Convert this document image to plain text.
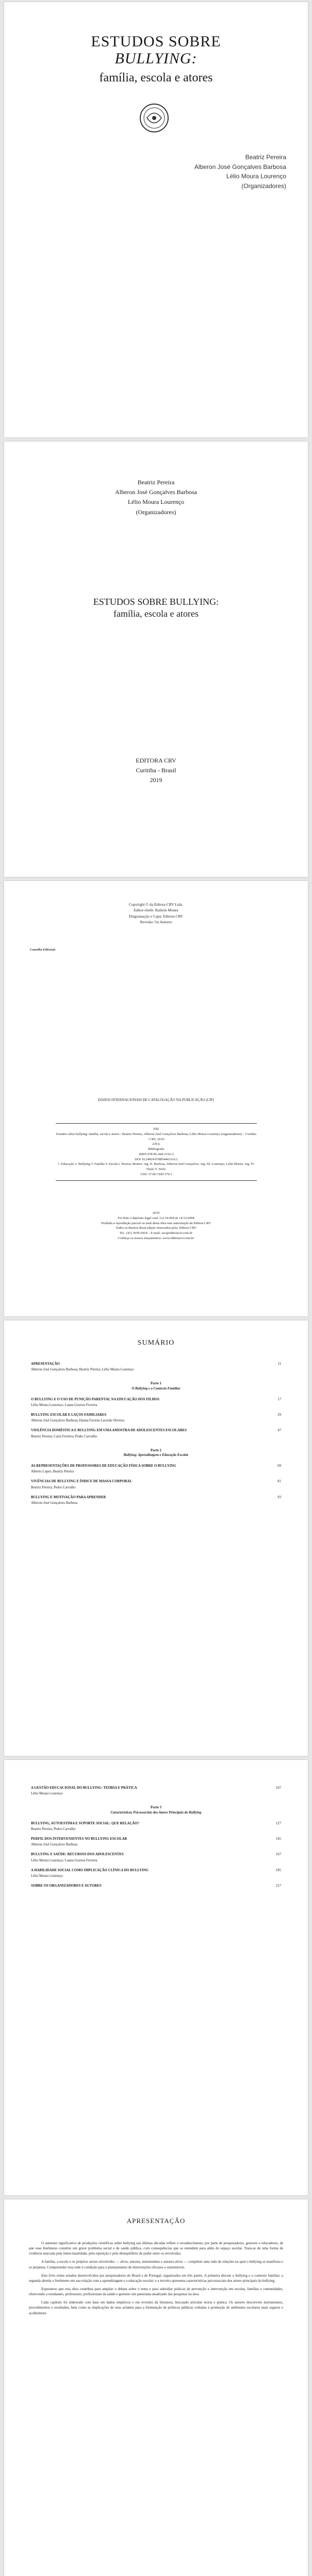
ESTUDOS SOBRE
BULLYING:
família, escola e atores
Beatriz Pereira
Alberon José Gonçalves Barbosa
Lélio Moura Lourenço
(Organizadores)
Beatriz Pereira
Alberon José Gonçalves Barbosa
Lélio Moura Lourenço
(Organizadores)
ESTUDOS SOBRE BULLYING:
família, escola e atores
EDITORA CRV
Curitiba - Brasil
2019
Copyright © da Editora CRV Ltda.
Editor-chefe: Railson Moura
Diagramação e Capa: Editora CRV
Revisão: Os Autores
Conselho Editorial:
DADOS INTERNACIONAIS DE CATALOGAÇÃO NA PUBLICAÇÃO (CIP)
E82
Estudos sobre bullying: família, escola e atores / Beatriz Pereira, Alberon José Gonçalves Barbosa, Lélio Moura Lourenço (organizadores) – Curitiba : CRV, 2019.
228 p.
Bibliografia
ISBN 978-85-444-3316-2
DOI 10.24824/978854443316.2
1. Educação 2. Bullying 3. Família 4. Escola I. Pereira, Beatriz. org. II. Barbosa, Alberon José Gonçalves. org. III. Lourenço, Lélio Moura. org. IV. Título V. Série.
CDU 37.06 CDD 370.1
2019
Foi feito o depósito legal conf. Lei 10.994 de 14/12/2004
Proibida a reprodução parcial ou total desta obra sem autorização da Editora CRV
Todos os direitos desta edição reservados pela: Editora CRV
Tel.: (41) 3039-6418 – E-mail: sac@editoracrv.com.br
Conheça os nossos lançamentos: www.editoracrv.com.br
SUMÁRIO
APRESENTAÇÃO	11
Alberon José Gonçalves Barbosa; Beatriz Pereira; Lélio Moura Lourenço
Parte 1
O Bullying e o Contexto Familiar
O BULLYING E O USO DE PUNIÇÃO PARENTAL NA EDUCAÇÃO DOS FILHOS	17
Lélio Moura Lourenço; Luana Gouvea Ferreira
BULLYING ESCOLAR E LAÇOS FAMILIARES	29
Alberon José Gonçalves Barbosa; Hanna Faviola Lacerda Oliveira
VIOLÊNCIA DOMÉSTICA E BULLYING EM UMA AMOSTRA DE ADOLESCENTES ESCOLARES	47
Beatriz Pereira; Carla Ferreira; Pedro Carvalho
Parte 2
Bullying: Aprendizagem e Educação Escolar
AS REPRESENTAÇÕES DE PROFESSORES DE EDUCAÇÃO FÍSICA SOBRE O BULLYING	69
Alberto Lopes; Beatriz Pereira
VIVÊNCIAS DE BULLYING E ÍNDICE DE MASSA CORPORAL	81
Beatriz Pereira; Pedro Carvalho
BULLYING E MOTIVAÇÃO PARA APRENDER	93
Alberon José Gonçalves Barbosa
A GESTÃO EDUCACIONAL DO BULLYING: TEORIA E PRÁTICA	107
Lélio Moura Lourenço
Parte 3
Características Psicossociais dos Atores Principais do Bullying
BULLYING, AUTOESTIMA E SUPORTE SOCIAL: QUE RELAÇÃO?	127
Beatriz Pereira; Pedro Carvalho
PERFIL DOS INTERVENIENTES NO BULLYING ESCOLAR	145
Alberon José Gonçalves Barbosa
BULLYING E SAÚDE: RECURSOS DOS ADOLESCENTES	167
Lélio Moura Lourenço; Luana Gouvea Ferreira
A HABILIDADE SOCIAL COMO IMPLICAÇÃO CLÍNICA DO BULLYING	185
Lélio Moura Lourenço
SOBRE OS ORGANIZADORES E AUTORES	217
APRESENTAÇÃO

O aumento significativo de produções científicas sobre bullying nas últimas décadas reflete o reconhecimento, por parte de pesquisadores, gestores e educadores, de que esse fenômeno constitui um grave problema social e de saúde pública, com consequências que se estendem para além do espaço escolar. Trata-se de uma forma de violência marcada pela intencionalidade, pela repetição e pelo desequilíbrio de poder entre os envolvidos.

A família, a escola e os próprios atores envolvidos — alvos, autores, testemunhas e autores-alvos — compõem uma rede de relações na qual o bullying se manifesta e se perpetua. Compreender essa rede é condição para o planejamento de intervenções eficazes e sustentáveis.

Este livro reúne estudos desenvolvidos por pesquisadores do Brasil e de Portugal, organizados em três partes. A primeira discute o bullying e o contexto familiar; a segunda aborda o fenômeno em sua relação com a aprendizagem e a educação escolar; e a terceira apresenta características psicossociais dos atores principais do bullying.

Esperamos que esta obra contribua para ampliar o debate sobre o tema e para subsidiar práticas de prevenção e intervenção em escolas, famílias e comunidades, oferecendo a estudantes, professores, profissionais da saúde e gestores um panorama atualizado das pesquisas na área.

Cada capítulo foi elaborado com base em dados empíricos e em revisões da literatura, buscando articular teoria e prática. Os autores descrevem instrumentos, procedimentos e resultados, bem como as implicações de seus achados para a formulação de políticas públicas voltadas à promoção de ambientes escolares mais seguros e acolhedores.
